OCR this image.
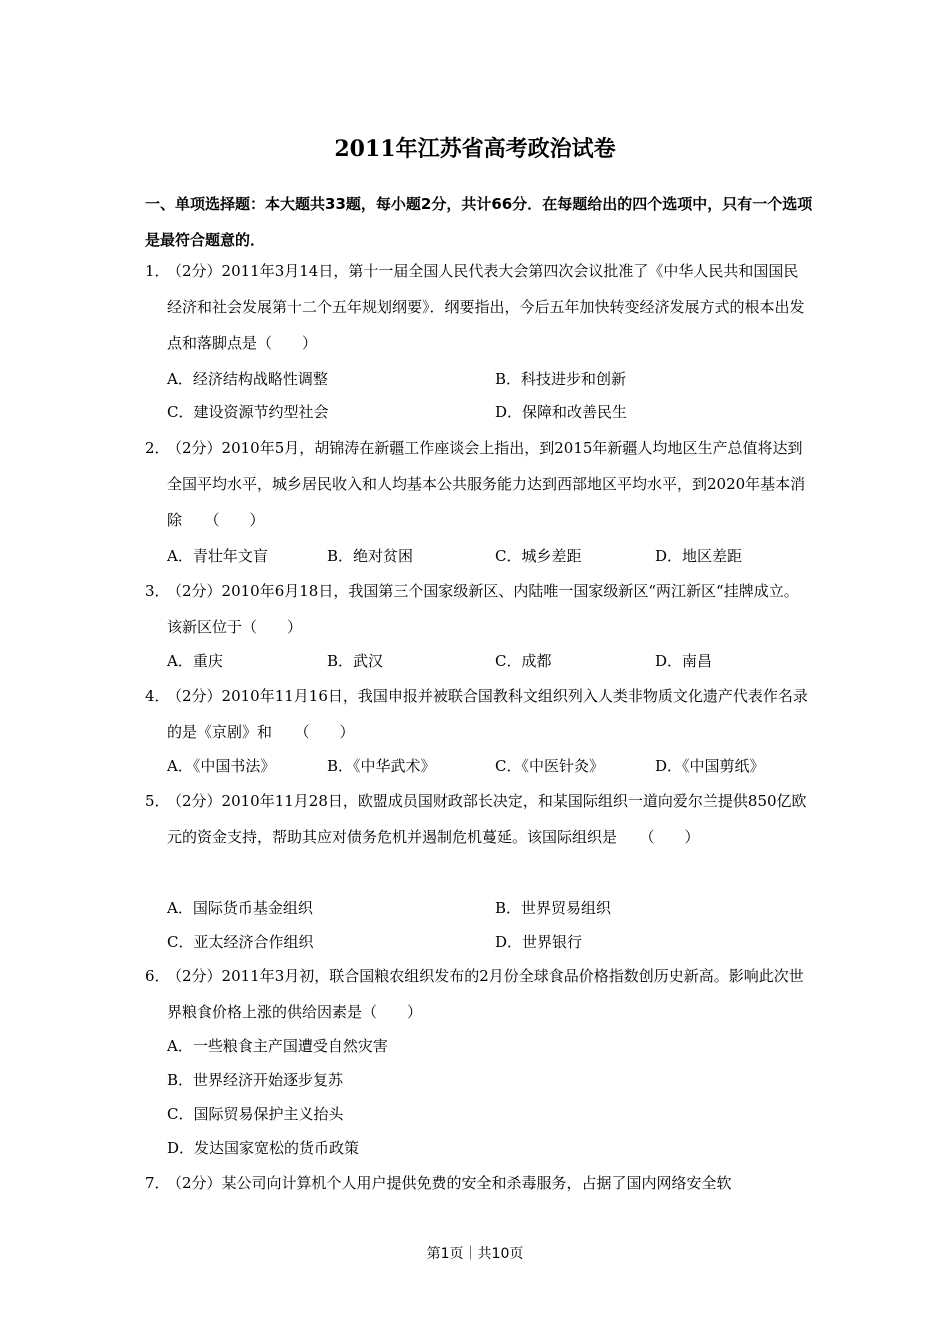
2011年江苏省高考政治试卷
一、单项选择题：本大题共33题，每小题2分，共计66分．在每题给出的四个选项中，只有一个选项是最符合题意的．
1．
（2分）2011年3月14日，第十一届全国人民代表大会第四次会议批准了《中华人民共和国国民经济和社会发展第十二个五年规划纲要》．纲要指出，今后五年加快转变经济发展方式的根本出发点和落脚点是（　　）
A．经济结构战略性调整	B．科技进步和创新
C．建设资源节约型社会	D．保障和改善民生
2．
（2分）2010年5月，胡锦涛在新疆工作座谈会上指出，到2015年新疆人均地区生产总值将达到全国平均水平，城乡居民收入和人均基本公共服务能力达到西部地区平均水平，到2020年基本消除　　（　　）
A．青壮年文盲	B．绝对贫困	C．城乡差距	D．地区差距
3．
（2分）2010年6月18日，我国第三个国家级新区、内陆唯一国家级新区“两江新区“挂牌成立。该新区位于（　　）
A．重庆	B．武汉	C．成都	D．南昌
4．
（2分）2010年11月16日，我国申报并被联合国教科文组织列入人类非物质文化遗产代表作名录的是《京剧》和　　（　　）
A．《中国书法》	B．《中华武术》	C．《中医针灸》	D．《中国剪纸》
5．
（2分）2010年11月28日，欧盟成员国财政部长决定，和某国际组织一道向爱尔兰提供850亿欧元的资金支持，帮助其应对债务危机并遏制危机蔓延。该国际组织是　　（　　）
A．国际货币基金组织	B．世界贸易组织
C．亚太经济合作组织	D．世界银行
6．
（2分）2011年3月初，联合国粮农组织发布的2月份全球食品价格指数创历史新高。影响此次世界粮食价格上涨的供给因素是（　　）
A．一些粮食主产国遭受自然灾害
B．世界经济开始逐步复苏
C．国际贸易保护主义抬头
D．发达国家宽松的货币政策
7．
（2分）某公司向计算机个人用户提供免费的安全和杀毒服务，占据了国内网络安全软
第1页｜共10页
